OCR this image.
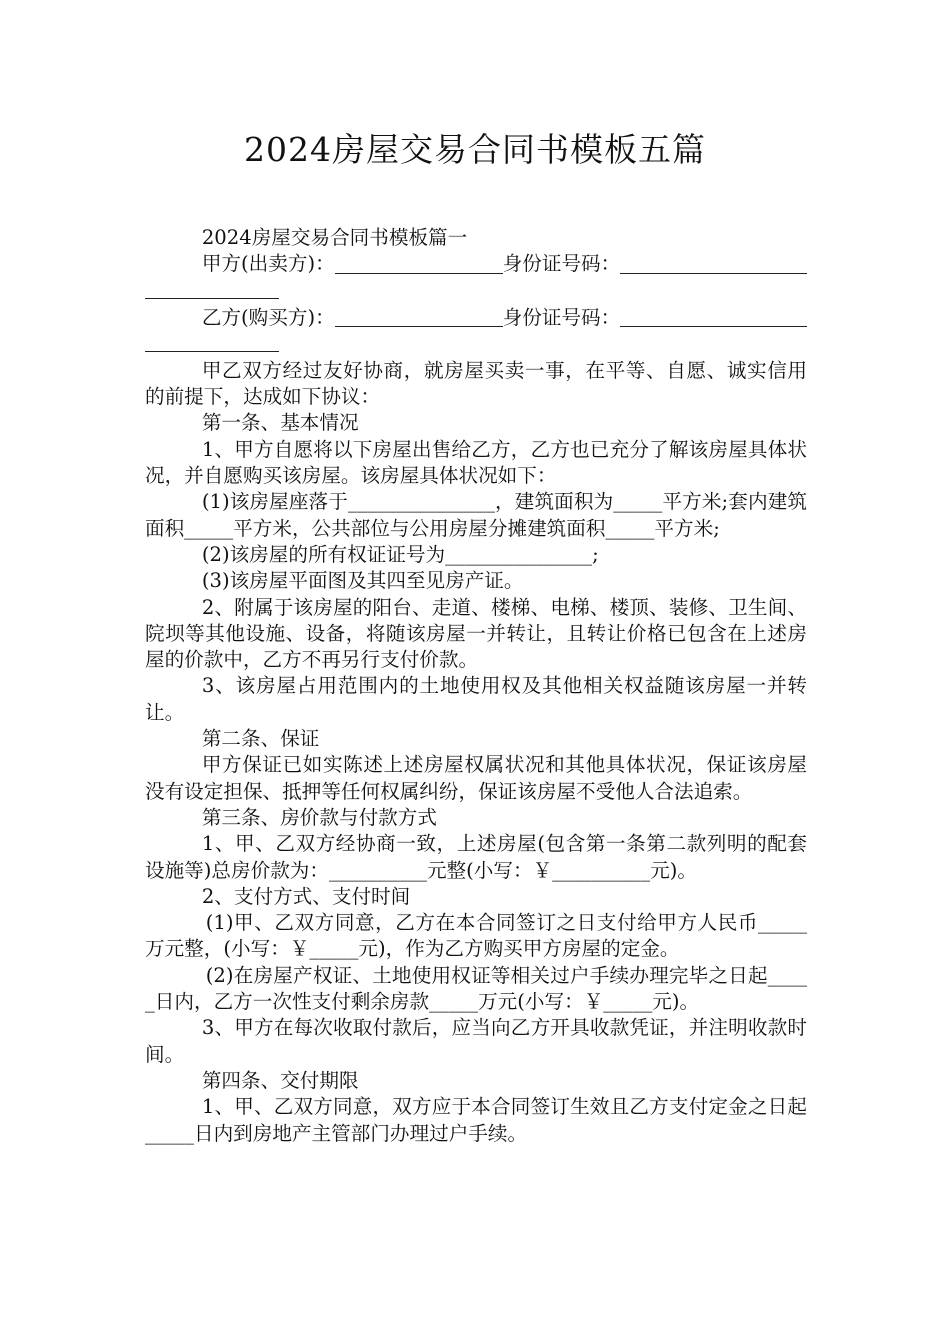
2024房屋交易合同书模板五篇

2024房屋交易合同书模板篇一

甲方(出卖方)：	身份证号码：
乙方(购买方)：	身份证号码：

甲乙双方经过友好协商，就房屋买卖一事，在平等、自愿、诚实信用的前提下，达成如下协议：

第一条、基本情况

1、甲方自愿将以下房屋出售给乙方，乙方也已充分了解该房屋具体状况，并自愿购买该房屋。该房屋具体状况如下：

(1)该房屋座落于_______________，建筑面积为_____平方米;套内建筑面积_____平方米，公共部位与公用房屋分摊建筑面积_____平方米;

(2)该房屋的所有权证证号为_______________;

(3)该房屋平面图及其四至见房产证。

2、附属于该房屋的阳台、走道、楼梯、电梯、楼顶、装修、卫生间、院坝等其他设施、设备，将随该房屋一并转让，且转让价格已包含在上述房屋的价款中，乙方不再另行支付价款。

3、该房屋占用范围内的土地使用权及其他相关权益随该房屋一并转让。

第二条、保证

甲方保证已如实陈述上述房屋权属状况和其他具体状况，保证该房屋没有设定担保、抵押等任何权属纠纷，保证该房屋不受他人合法追索。

第三条、房价款与付款方式

1、甲、乙双方经协商一致，上述房屋(包含第一条第二款列明的配套设施等)总房价款为：__________元整(小写：￥__________元)。

2、支付方式、支付时间

(1)甲、乙双方同意，乙方在本合同签订之日支付给甲方人民币_____万元整，(小写：￥_____元)，作为乙方购买甲方房屋的定金。

(2)在房屋产权证、土地使用权证等相关过户手续办理完毕之日起_____日内，乙方一次性支付剩余房款_____万元(小写：￥_____元)。

3、甲方在每次收取付款后，应当向乙方开具收款凭证，并注明收款时间。

第四条、交付期限

1、甲、乙双方同意，双方应于本合同签订生效且乙方支付定金之日起_____日内到房地产主管部门办理过户手续。
